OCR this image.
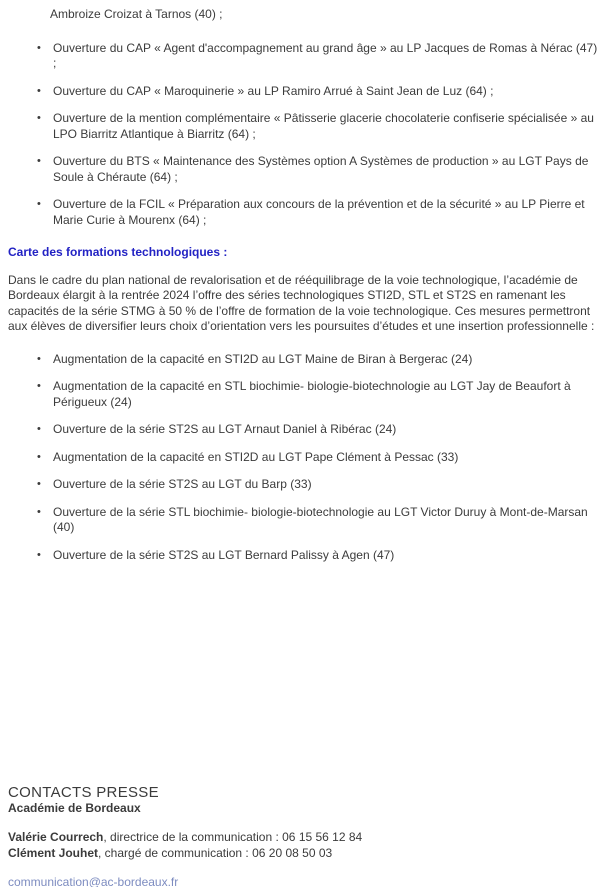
Ambroize Croizat à Tarnos (40) ;
• Ouverture du CAP « Agent d'accompagnement au grand âge » au LP Jacques de Romas à Nérac (47) ;
• Ouverture du CAP « Maroquinerie » au LP Ramiro Arrué à Saint Jean de Luz (64) ;
• Ouverture de la mention complémentaire « Pâtisserie glacerie chocolaterie confiserie spécialisée » au LPO Biarritz Atlantique à Biarritz (64) ;
• Ouverture du BTS « Maintenance des Systèmes option A Systèmes de production » au LGT Pays de Soule à Chéraute (64) ;
• Ouverture de la FCIL « Préparation aux concours de la prévention et de la sécurité » au LP Pierre et Marie Curie à Mourenx (64) ;
Carte des formations technologiques :
Dans le cadre du plan national de revalorisation et de rééquilibrage de la voie technologique, l’académie de Bordeaux élargit à la rentrée 2024 l’offre des séries technologiques STI2D, STL et ST2S en ramenant les capacités de la série STMG à 50 % de l’offre de formation de la voie technologique. Ces mesures permettront aux élèves de diversifier leurs choix d’orientation vers les poursuites d’études et une insertion professionnelle :
• Augmentation de la capacité en STI2D au LGT Maine de Biran à Bergerac (24)
• Augmentation de la capacité en STL biochimie- biologie-biotechnologie au LGT Jay de Beaufort à Périgueux (24)
• Ouverture de la série ST2S au LGT Arnaut Daniel à Ribérac (24)
• Augmentation de la capacité en STI2D au LGT Pape Clément à Pessac (33)
• Ouverture de la série ST2S au LGT du Barp (33)
• Ouverture de la série STL biochimie- biologie-biotechnologie au LGT Victor Duruy à Mont-de-Marsan (40)
• Ouverture de la série ST2S au LGT Bernard Palissy à Agen (47)
CONTACTS PRESSE
Académie de Bordeaux
Valérie Courrech, directrice de la communication : 06 15 56 12 84
Clément Jouhet, chargé de communication : 06 20 08 50 03
communication@ac-bordeaux.fr
